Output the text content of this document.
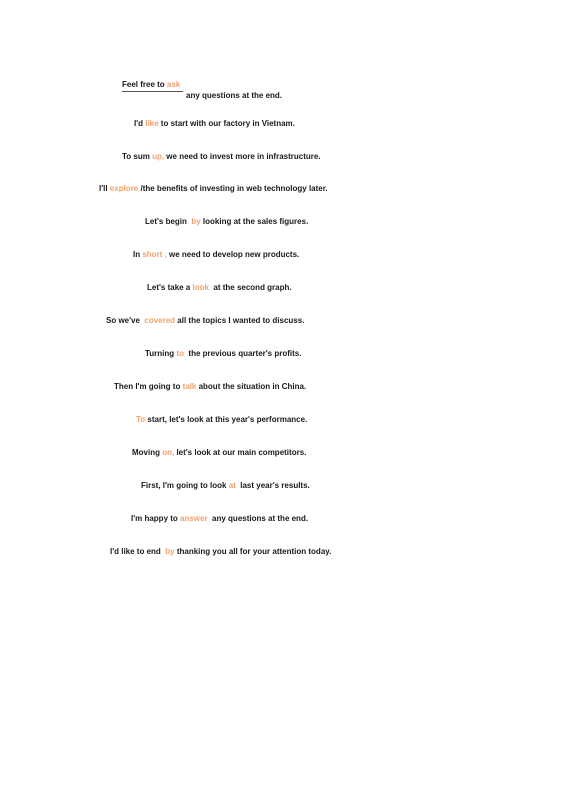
Feel free to ask
any questions at the end.
I'd like to start with our factory in Vietnam.
To sum up, we need to invest more in infrastructure.
I'll explore /the benefits of investing in web technology later.
Let's begin  by looking at the sales figures.
In short , we need to develop new products.
Let's take a look  at the second graph.
So we've  covered all the topics I wanted to discuss.
Turning to  the previous quarter's profits.
Then I'm going to talk about the situation in China.
To start, let's look at this year's performance.
Moving on, let's look at our main competitors.
First, I'm going to look at  last year's results.
I'm happy to answer  any questions at the end.
I'd like to end  by thanking you all for your attention today.
